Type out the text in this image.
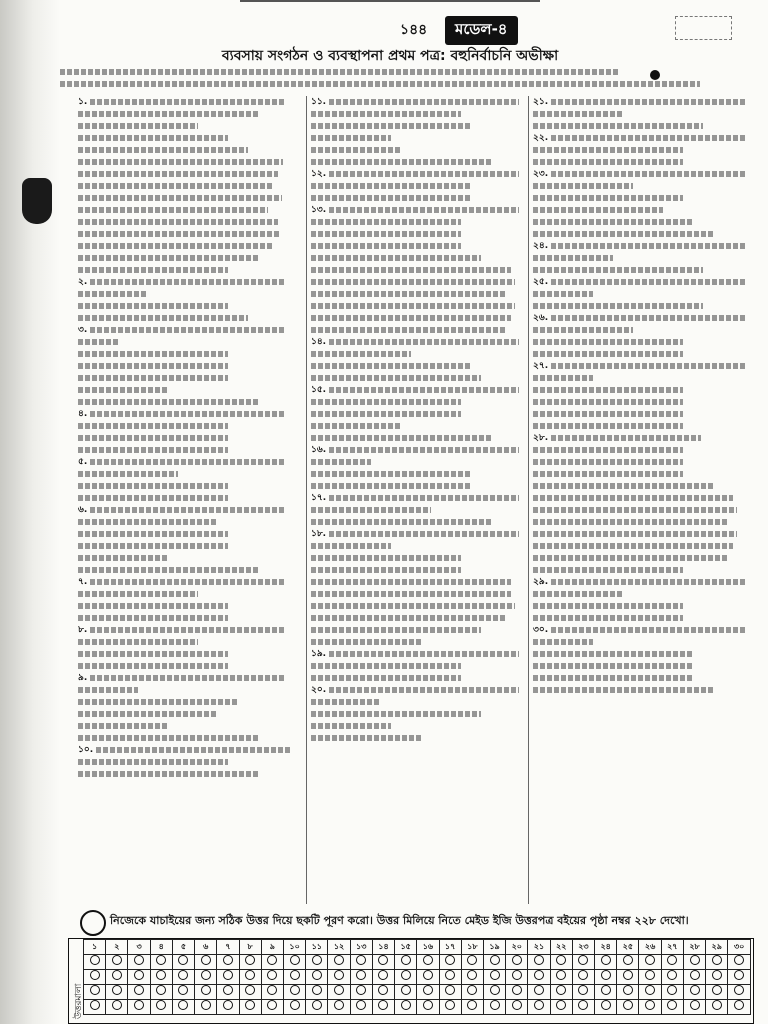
১৪৪	মডেল-৪
ব্যবসায় সংগঠন ও ব্যবস্থাপনা প্রথম পত্র: বহুনির্বাচনি অভীক্ষা
১.
২.
৩.
৪.
৫.
৬.
৭.
৮.
৯.
১০.
১১.
১২.
১৩.
১৪.
১৫.
১৬.
১৭.
১৮.
১৯.
২০.
২১.
২২.
২৩.
২৪.
২৫.
২৬.
২৭.
২৮.
২৯.
৩০.
নিজেকে যাচাইয়ের জন্য সঠিক উত্তর দিয়ে ছকটি পূরণ করো। উত্তর মিলিয়ে নিতে মেইড ইজি উত্তরপত্র বইয়ের পৃষ্ঠা নম্বর ২২৮ দেখো।
উত্তরমালা
১	২	৩	৪	৫	৬	৭	৮	৯	১০	১১	১২	১৩	১৪	১৫	১৬	১৭	১৮	১৯	২০	২১	২২	২৩	২৪	২৫	২৬	২৭	২৮	২৯	৩০
